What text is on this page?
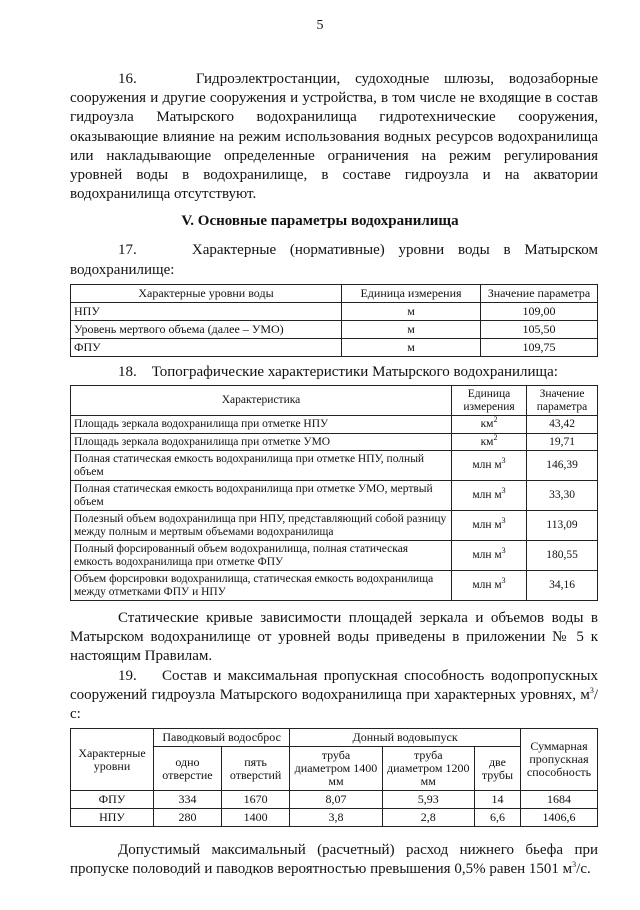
5
16.    Гидроэлектростанции, судоходные шлюзы, водозаборные сооружения и другие сооружения и устройства, в том числе не входящие в состав гидроузла Матырского водохранилища гидротехнические сооружения, оказывающие влияние на режим использования водных ресурсов водохранилища или накладывающие определенные ограничения на режим регулирования уровней воды в водохранилище, в составе гидроузла и на акватории водохранилища отсутствуют.
V. Основные параметры водохранилища
17.    Характерные (нормативные) уровни воды в Матырском водохранилище:
Характерные уровни воды	Единица измерения	Значение параметра
НПУ	м	109,00
Уровень мертвого объема (далее – УМО)	м	105,50
ФПУ	м	109,75
18.    Топографические характеристики Матырского водохранилища:
Характеристика	Единица измерения	Значение параметра
Площадь зеркала водохранилища при отметке НПУ	$км^2$	43,42
Площадь зеркала водохранилища при отметке УМО	$км^2$	19,71
Полная статическая емкость водохранилища при отметке НПУ, полный объем	млн $м^3$	146,39
Полная статическая емкость водохранилища при отметке УМО, мертвый объем	млн $м^3$	33,30
Полезный объем водохранилища при НПУ, представляющий собой разницу между полным и мертвым объемами водохранилища	млн $м^3$	113,09
Полный форсированный объем водохранилища, полная статическая емкость водохранилища при отметке ФПУ	млн $м^3$	180,55
Объем форсировки водохранилища, статическая емкость водохранилища между отметками ФПУ и НПУ	млн $м^3$	34,16
Статические кривые зависимости площадей зеркала и объемов воды в Матырском водохранилище от уровней воды приведены в приложении № 5 к настоящим Правилам.
19.    Состав и максимальная пропускная способность водопропускных сооружений гидроузла Матырского водохранилища при характерных уровнях, $м^3/с$:
Характерные уровни	Паводковый водосброс		Донный водовыпуск			Суммарная пропускная способность
	одно отверстие	пять отверстий	труба диаметром 1400 мм	труба диаметром 1200 мм	две трубы	
ФПУ	334	1670	8,07	5,93	14	1684
НПУ	280	1400	3,8	2,8	6,6	1406,6
Допустимый максимальный (расчетный) расход нижнего бьефа при пропуске половодий и паводков вероятностью превышения 0,5% равен 1501 $м^3/с$.
